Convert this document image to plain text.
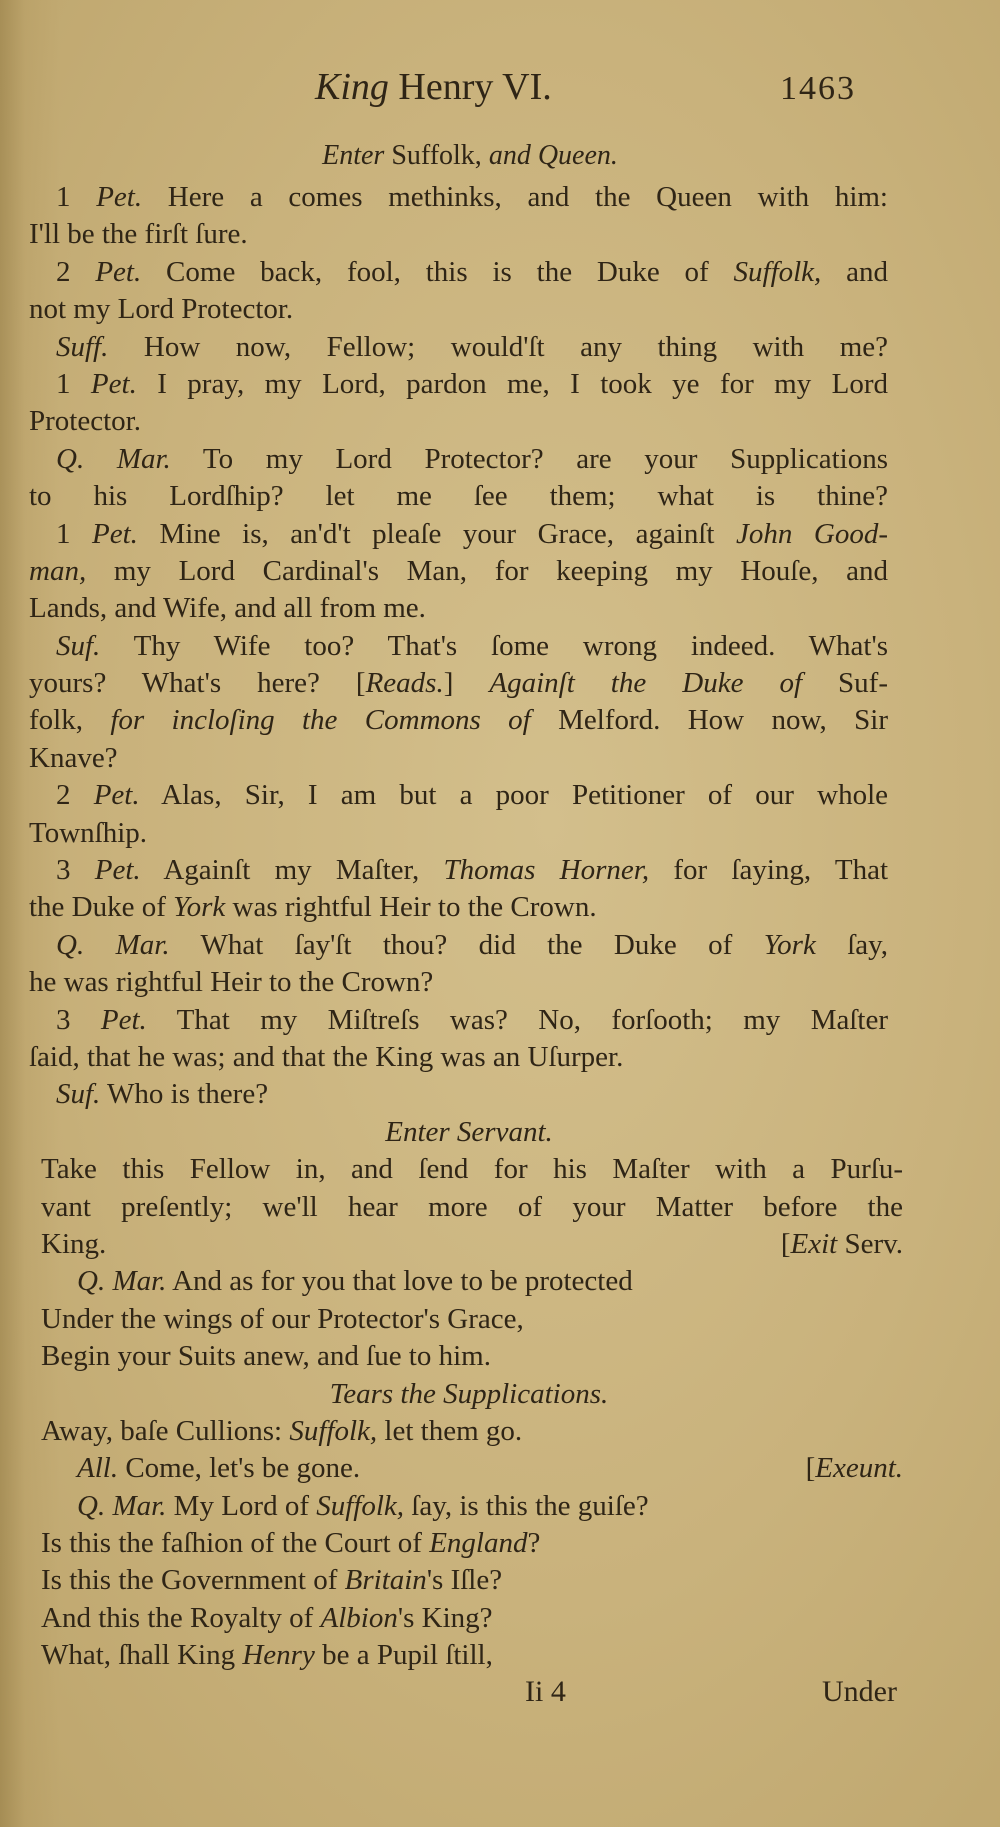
King Henry VI.	1463
Enter Suffolk, and Queen.
1 Pet. Here a comes methinks, and the Queen with him:
I'll be the firſt ſure.
2 Pet. Come back, fool, this is the Duke of Suffolk, and
not my Lord Protector.
Suff. How now, Fellow; would'ſt any thing with me?
1 Pet. I pray, my Lord, pardon me, I took ye for my Lord
Protector.
Q. Mar. To my Lord Protector? are your Supplications
to his Lordſhip? let me ſee them; what is thine?
1 Pet. Mine is, an'd't pleaſe your Grace, againſt John Good-
man, my Lord Cardinal's Man, for keeping my Houſe, and
Lands, and Wife, and all from me.
Suf. Thy Wife too? That's ſome wrong indeed. What's
yours? What's here? [Reads.] Againſt the Duke of Suf-
folk, for incloſing the Commons of Melford. How now, Sir
Knave?
2 Pet. Alas, Sir, I am but a poor Petitioner of our whole
Townſhip.
3 Pet. Againſt my Maſter, Thomas Horner, for ſaying, That
the Duke of York was rightful Heir to the Crown.
Q. Mar. What ſay'ſt thou? did the Duke of York ſay,
he was rightful Heir to the Crown?
3 Pet. That my Miſtreſs was? No, forſooth; my Maſter
ſaid, that he was; and that the King was an Uſurper.
Suf. Who is there?
Enter Servant.
Take this Fellow in, and ſend for his Maſter with a Purſu-
vant preſently; we'll hear more of your Matter before the
King.	[Exit Serv.
Q. Mar. And as for you that love to be protected
Under the wings of our Protector's Grace,
Begin your Suits anew, and ſue to him.
Tears the Supplications.
Away, baſe Cullions: Suffolk, let them go.
All. Come, let's be gone.	[Exeunt.
Q. Mar. My Lord of Suffolk, ſay, is this the guiſe?
Is this the faſhion of the Court of England?
Is this the Government of Britain's Iſle?
And this the Royalty of Albion's King?
What, ſhall King Henry be a Pupil ſtill,
Ii 4	Under
